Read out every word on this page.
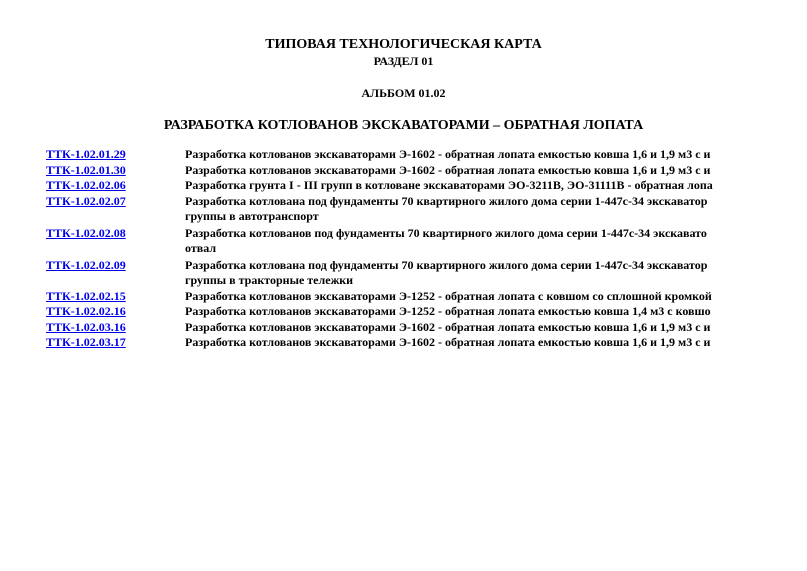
ТИПОВАЯ ТЕХНОЛОГИЧЕСКАЯ КАРТА
РАЗДЕЛ 01
АЛЬБОМ 01.02
РАЗРАБОТКА КОТЛОВАНОВ ЭКСКАВАТОРАМИ – ОБРАТНАЯ ЛОПАТА
ТТК-1.02.01.29	Разработка котлованов экскаваторами Э-1602 - обратная лопата емкостью ковша 1,6 и 1,9 м3 с и
ТТК-1.02.01.30	Разработка котлованов экскаваторами Э-1602 - обратная лопата емкостью ковша 1,6 и 1,9 м3 с и
ТТК-1.02.02.06	Разработка грунта I - III групп в котловане экскаваторами ЭО-3211В, ЭО-31111В - обратная лопа
ТТК-1.02.02.07	Разработка котлована под фундаменты 70 квартирного жилого дома серии 1-447с-34 экскаватор
группы в автотранспорт
ТТК-1.02.02.08	Разработка котлованов под фундаменты 70 квартирного жилого дома серии 1-447с-34 экскавато
отвал
ТТК-1.02.02.09	Разработка котлована под фундаменты 70 квартирного жилого дома серии 1-447с-34 экскаватор
группы в тракторные тележки
ТТК-1.02.02.15	Разработка котлованов экскаваторами Э-1252 - обратная лопата с ковшом со сплошной кромкой
ТТК-1.02.02.16	Разработка котлованов экскаваторами Э-1252 - обратная лопата емкостью ковша 1,4 м3 с ковшо
ТТК-1.02.03.16	Разработка котлованов экскаваторами Э-1602 - обратная лопата емкостью ковша 1,6 и 1,9 м3 с и
ТТК-1.02.03.17	Разработка котлованов экскаваторами Э-1602 - обратная лопата емкостью ковша 1,6 и 1,9 м3 с и
